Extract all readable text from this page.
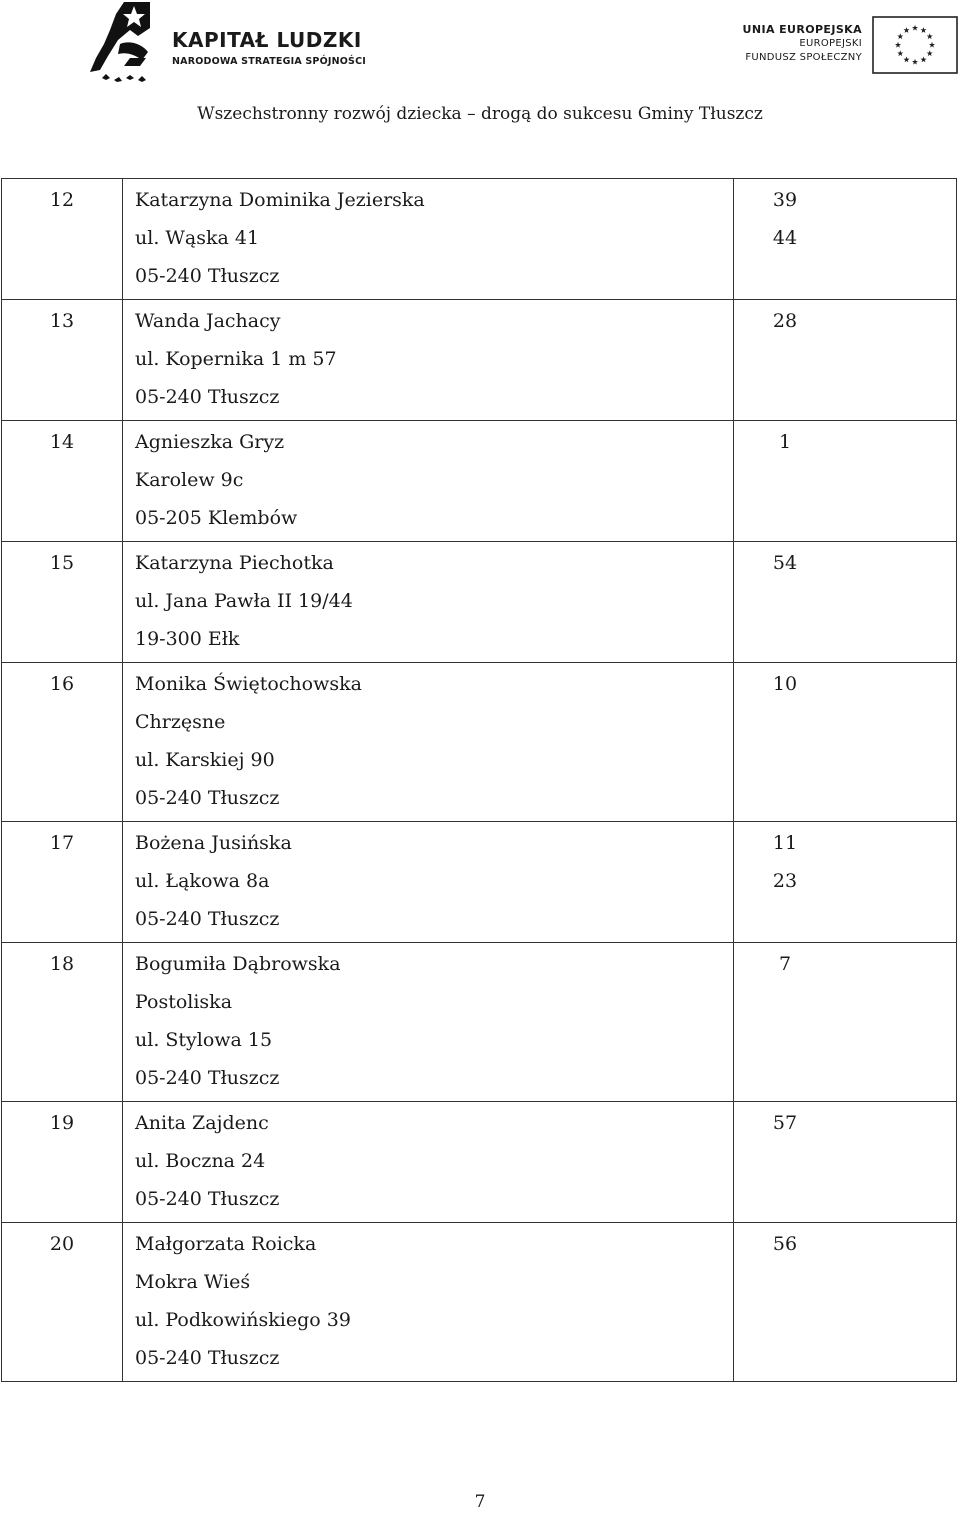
KAPITAŁ LUDZKI
NARODOWA STRATEGIA SPÓJNOŚCI
UNIA EUROPEJSKA
EUROPEJSKI
FUNDUSZ SPOŁECZNY
Wszechstronny rozwój dziecka – drogą do sukcesu Gminy Tłuszcz
12	Katarzyna Dominika Jezierska
ul. Wąska 41
05-240 Tłuszcz	39
44

13	Wanda Jachacy
ul. Kopernika 1 m 57
05-240 Tłuszcz	28

14	Agnieszka Gryz
Karolew 9c
05-205 Klembów	1

15	Katarzyna Piechotka
ul. Jana Pawła II 19/44
19-300 Ełk	54

16	Monika Świętochowska
Chrzęsne
ul. Karskiej 90
05-240 Tłuszcz	10

17	Bożena Jusińska
ul. Łąkowa 8a
05-240 Tłuszcz	11
23

18	Bogumiła Dąbrowska
Postoliska
ul. Stylowa 15
05-240 Tłuszcz	7

19	Anita Zajdenc
ul. Boczna 24
05-240 Tłuszcz	57

20	Małgorzata Roicka
Mokra Wieś
ul. Podkowińskiego 39
05-240 Tłuszcz	56
7
